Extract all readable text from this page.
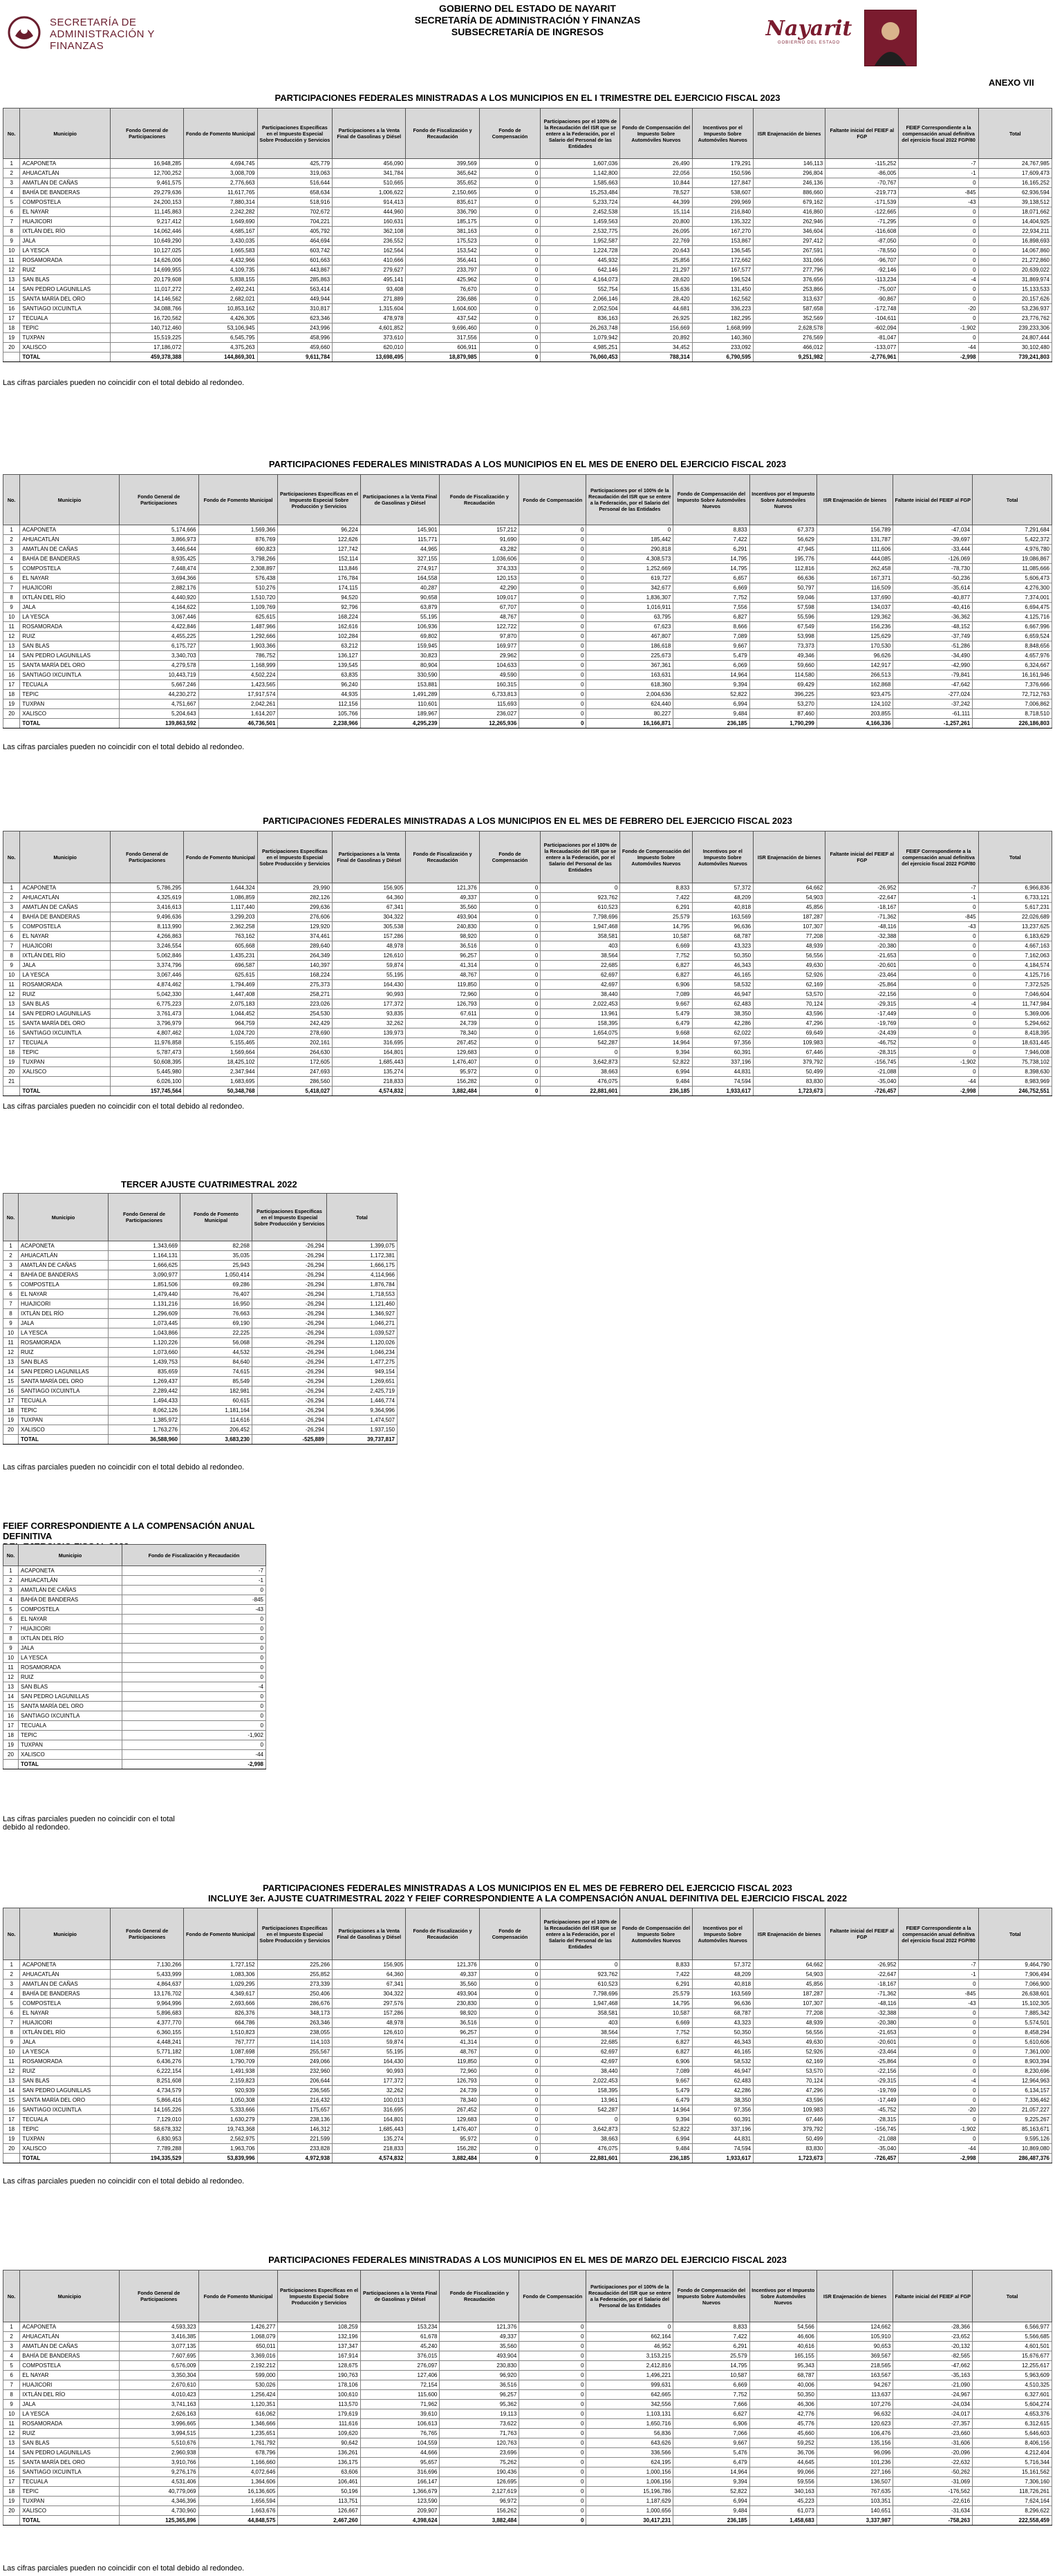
SECRETARÍA DE
ADMINISTRACIÓN Y
FINANZAS
GOBIERNO DEL ESTADO DE NAYARIT
SECRETARÍA DE ADMINISTRACIÓN Y FINANZAS
SUBSECRETARÍA DE INGRESOS	Nayarit
GOBIERNO DEL ESTADO
ANEXO VII
PARTICIPACIONES FEDERALES MINISTRADAS A LOS MUNICIPIOS EN EL I TRIMESTRE DEL EJERCICIO FISCAL 2023
No.	Municipio	Fondo General de Participaciones	Fondo de Fomento Municipal	Participaciones Específicas en el Impuesto Especial Sobre Producción y Servicios	Participaciones a la Venta Final de Gasolinas y Diésel	Fondo de Fiscalización y Recaudación	Fondo de Compensación	Participaciones por el 100% de la Recaudación del ISR que se entere a la Federación, por el Salario del Personal de las Entidades	Fondo de Compensación del Impuesto Sobre Automóviles Nuevos	Incentivos por el Impuesto Sobre Automóviles Nuevos	ISR Enajenación de bienes	Faltante inicial del FEIEF al FGP	FEIEF Correspondiente a la compensación anual definitiva del ejercicio fiscal 2022 FGP/80	Total
1	ACAPONETA	16,948,285	4,694,745	425,779	456,090	399,569	0	1,607,036	26,490	179,291	146,113	-115,252	-7	24,767,985
2	AHUACATLÁN	12,700,252	3,008,709	319,063	341,784	365,642	0	1,142,800	22,056	150,596	296,804	-86,005	-1	17,609,473
3	AMATLÁN DE CAÑAS	9,461,575	2,776,663	516,644	510,665	355,652	0	1,585,663	10,844	127,847	246,136	-70,767	0	16,165,252
4	BAHÍA DE BANDERAS	29,279,636	11,617,765	658,634	1,006,622	2,150,665	0	15,253,484	78,527	538,607	886,660	-219,773	-845	62,936,594
5	COMPOSTELA	24,200,153	7,880,314	518,916	914,413	835,617	0	5,233,724	44,399	299,969	679,162	-171,539	-43	39,138,512
6	EL NAYAR	11,145,863	2,242,282	702,672	444,960	336,790	0	2,452,538	15,114	216,840	416,860	-122,665	0	18,071,662
7	HUAJICORI	9,217,412	1,649,690	704,221	160,631	185,175	0	1,459,563	20,800	135,322	262,946	-71,295	0	14,404,925
8	IXTLÁN DEL RÍO	14,062,446	4,685,167	405,792	362,108	381,163	0	2,532,775	26,095	167,270	346,604	-116,608	0	22,934,211
9	JALA	10,649,290	3,430,035	464,694	236,552	175,523	0	1,952,587	22,769	153,867	297,412	-87,050	0	16,898,693
10	LA YESCA	10,127,025	1,665,583	603,742	162,564	153,542	0	1,224,728	20,643	136,545	267,591	-78,550	0	14,067,860
11	ROSAMORADA	14,626,006	4,432,966	601,663	410,666	356,441	0	445,932	25,856	172,662	331,066	-96,707	0	21,272,860
12	RUIZ	14,699,955	4,109,735	443,867	279,627	233,797	0	642,146	21,297	167,577	277,796	-92,146	0	20,639,022
13	SAN BLAS	20,179,608	5,838,155	285,863	495,141	425,962	0	4,164,073	28,620	196,524	376,656	-113,234	-4	31,869,974
14	SAN PEDRO LAGUNILLAS	11,017,272	2,492,241	563,414	93,408	76,670	0	552,754	15,636	131,450	253,866	-75,007	0	15,133,533
15	SANTA MARÍA DEL ORO	14,146,562	2,682,021	449,944	271,889	236,686	0	2,066,146	28,420	162,562	313,637	-90,867	0	20,157,626
16	SANTIAGO IXCUINTLA	34,088,766	10,853,162	310,817	1,315,604	1,604,600	0	2,052,504	44,681	336,223	587,658	-172,748	-20	53,236,937
17	TECUALA	16,720,562	4,426,305	623,346	478,978	437,542	0	836,163	26,925	182,295	352,569	-104,611	0	23,776,762
18	TEPIC	140,712,460	53,106,945	243,996	4,601,852	9,696,460	0	26,263,748	156,669	1,668,999	2,628,578	-602,094	-1,902	239,233,306
19	TUXPAN	15,519,225	6,545,795	458,996	373,610	317,556	0	1,079,942	20,892	140,360	276,569	-81,047	0	24,807,444
20	XALISCO	17,186,072	4,375,263	459,660	620,010	606,911	0	4,985,251	34,452	233,092	466,012	-133,077	-44	30,102,480
	TOTAL	459,378,388	144,869,301	9,611,784	13,698,495	18,879,985	0	76,060,453	788,314	6,790,595	9,251,982	-2,776,961	-2,998	739,241,803
Las cifras parciales pueden no coincidir con el total debido al redondeo.
PARTICIPACIONES FEDERALES MINISTRADAS A LOS MUNICIPIOS EN EL MES DE ENERO DEL EJERCICIO FISCAL 2023
No.	Municipio	Fondo General de Participaciones	Fondo de Fomento Municipal	Participaciones Específicas en el Impuesto Especial Sobre Producción y Servicios	Participaciones a la Venta Final de Gasolinas y Diésel	Fondo de Fiscalización y Recaudación	Fondo de Compensación	Participaciones por el 100% de la Recaudación del ISR que se entere a la Federación, por el Salario del Personal de las Entidades	Fondo de Compensación del Impuesto Sobre Automóviles Nuevos	Incentivos por el Impuesto Sobre Automóviles Nuevos	ISR Enajenación de bienes	Faltante inicial del FEIEF al FGP	Total
1	ACAPONETA	5,174,666	1,569,366	96,224	145,901	157,212	0	0	8,833	67,373	156,789	-47,034	7,291,684
2	AHUACATLÁN	3,866,973	876,769	122,626	115,771	91,690	0	185,442	7,422	56,629	131,787	-39,697	5,422,372
3	AMATLÁN DE CAÑAS	3,446,644	690,823	127,742	44,965	43,282	0	290,818	6,291	47,945	111,606	-33,444	4,976,780
4	BAHÍA DE BANDERAS	8,935,425	3,798,266	152,114	327,155	1,036,606	0	4,308,573	14,795	195,776	444,085	-126,069	19,086,867
5	COMPOSTELA	7,448,474	2,308,897	113,846	274,917	374,333	0	1,252,669	14,795	112,816	262,458	-78,730	11,085,666
6	EL NAYAR	3,694,366	576,438	176,784	164,558	120,153	0	619,727	6,657	66,636	167,371	-50,236	5,606,473
7	HUAJICORI	2,882,176	510,276	174,115	40,287	42,290	0	342,677	6,669	50,797	116,509	-35,614	4,276,300
8	IXTLÁN DEL RÍO	4,440,920	1,510,720	94,520	90,658	109,017	0	1,836,307	7,752	59,046	137,690	-40,877	7,374,001
9	JALA	4,164,622	1,109,769	92,796	63,879	67,707	0	1,016,911	7,556	57,598	134,037	-40,416	6,694,475
10	LA YESCA	3,067,446	625,615	168,224	55,195	48,767	0	63,795	6,827	55,596	129,362	-36,362	4,125,716
11	ROSAMORADA	4,422,846	1,487,966	162,616	106,936	122,722	0	67,623	8,666	67,549	156,236	-48,152	6,667,996
12	RUIZ	4,455,225	1,292,666	102,284	69,802	97,870	0	467,807	7,089	53,998	125,629	-37,749	6,659,524
13	SAN BLAS	6,175,727	1,903,366	63,212	159,945	169,977	0	186,618	9,667	73,373	170,530	-51,286	8,848,656
14	SAN PEDRO LAGUNILLAS	3,340,703	786,752	136,127	30,823	29,962	0	225,673	5,479	49,346	96,626	-34,490	4,657,976
15	SANTA MARÍA DEL ORO	4,279,578	1,168,999	139,545	80,904	104,633	0	367,361	6,069	59,660	142,917	-42,990	6,324,667
16	SANTIAGO IXCUINTLA	10,443,719	4,502,224	63,835	330,590	49,590	0	163,631	14,964	114,580	266,513	-79,841	16,161,946
17	TECUALA	5,667,246	1,423,565	96,240	153,881	160,315	0	618,360	9,394	69,429	162,868	-47,642	7,376,666
18	TEPIC	44,230,272	17,917,574	44,935	1,491,289	6,733,813	0	2,004,636	52,822	396,225	923,475	-277,024	72,712,763
19	TUXPAN	4,751,667	2,042,261	112,156	110,601	115,693	0	624,440	6,994	53,270	124,102	-37,242	7,006,862
20	XALISCO	5,204,643	1,614,207	105,766	189,967	236,027	0	80,227	9,484	87,460	203,855	-61,111	8,718,510
	TOTAL	139,863,592	46,736,501	2,238,966	4,295,239	12,265,936	0	16,166,871	236,185	1,790,299	4,166,336	-1,257,261	226,186,803
Las cifras parciales pueden no coincidir con el total debido al redondeo.
PARTICIPACIONES FEDERALES MINISTRADAS A LOS MUNICIPIOS EN EL MES DE FEBRERO DEL EJERCICIO FISCAL 2023
No.	Municipio	Fondo General de Participaciones	Fondo de Fomento Municipal	Participaciones Específicas en el Impuesto Especial Sobre Producción y Servicios	Participaciones a la Venta Final de Gasolinas y Diésel	Fondo de Fiscalización y Recaudación	Fondo de Compensación	Participaciones por el 100% de la Recaudación del ISR que se entere a la Federación, por el Salario del Personal de las Entidades	Fondo de Compensación del Impuesto Sobre Automóviles Nuevos	Incentivos por el Impuesto Sobre Automóviles Nuevos	ISR Enajenación de bienes	Faltante inicial del FEIEF al FGP	FEIEF Correspondiente a la compensación anual definitiva del ejercicio fiscal 2022 FGP/80	Total
1	ACAPONETA	5,786,295	1,644,324	29,990	156,905	121,376	0	0	8,833	57,372	64,662	-26,952	-7	6,966,836
2	AHUACATLÁN	4,325,619	1,086,859	282,126	64,360	49,337	0	923,762	7,422	48,209	54,903	-22,647	-1	6,733,121
3	AMATLÁN DE CAÑAS	3,416,613	1,117,440	299,636	67,341	35,560	0	610,523	6,291	40,818	45,856	-18,167	0	5,617,231
4	BAHÍA DE BANDERAS	9,496,636	3,299,203	276,606	304,322	493,904	0	7,798,696	25,579	163,569	187,287	-71,362	-845	22,026,689
5	COMPOSTELA	8,113,990	2,362,258	129,920	305,538	240,830	0	1,947,468	14,795	96,636	107,307	-48,116	-43	13,237,625
6	EL NAYAR	4,266,863	763,162	374,461	157,286	98,920	0	358,581	10,587	68,787	77,208	-32,388	0	6,183,629
7	HUAJICORI	3,246,554	605,668	289,640	48,978	36,516	0	403	6,669	43,323	48,939	-20,380	0	4,667,163
8	IXTLÁN DEL RÍO	5,062,846	1,435,231	264,349	126,610	96,257	0	38,564	7,752	50,350	56,556	-21,653	0	7,162,063
9	JALA	3,374,796	696,587	140,397	59,874	41,314	0	22,685	6,827	46,343	49,630	-20,601	0	4,184,574
10	LA YESCA	3,067,446	625,615	168,224	55,195	48,767	0	62,697	6,827	46,165	52,926	-23,464	0	4,125,716
11	ROSAMORADA	4,874,462	1,794,469	275,373	164,430	119,850	0	42,697	6,906	58,532	62,169	-25,864	0	7,372,525
12	RUIZ	5,042,330	1,447,408	258,271	90,993	72,960	0	38,440	7,089	46,947	53,570	-22,156	0	7,046,604
13	SAN BLAS	6,775,223	2,075,183	223,026	177,372	126,793	0	2,022,453	9,667	62,483	70,124	-29,315	-4	11,747,984
14	SAN PEDRO LAGUNILLAS	3,761,473	1,044,452	254,530	93,835	67,611	0	13,961	5,479	38,350	43,596	-17,449	0	5,369,006
15	SANTA MARÍA DEL ORO	3,796,979	964,759	242,429	32,262	24,739	0	158,395	6,479	42,286	47,296	-19,769	0	5,294,662
16	SANTIAGO IXCUINTLA	4,807,462	1,024,720	278,690	139,973	78,340	0	1,654,075	9,668	62,022	69,649	-24,439	0	8,418,395
17	TECUALA	11,976,858	5,155,465	202,161	316,695	267,452	0	542,287	14,964	97,356	109,983	-46,752	0	18,631,445
18	TEPIC	5,787,473	1,569,664	264,630	164,801	129,683	0	0	9,394	60,391	67,446	-28,315	0	7,946,008
19	TUXPAN	50,608,395	18,425,102	172,605	1,685,443	1,476,407	0	3,642,873	52,822	337,196	379,792	-156,745	-1,902	75,738,102
20	XALISCO	5,445,980	2,347,944	247,693	135,274	95,972	0	38,663	6,994	44,831	50,499	-21,088	0	8,398,630
21		6,026,100	1,683,695	286,560	218,833	156,282	0	476,075	9,484	74,594	83,830	-35,040	-44	8,983,969
	TOTAL	157,745,564	50,348,768	5,418,027	4,574,832	3,882,484	0	22,881,601	236,185	1,933,617	1,723,673	-726,457	-2,998	246,752,551
Las cifras parciales pueden no coincidir con el total debido al redondeo.
TERCER AJUSTE CUATRIMESTRAL 2022
No.	Municipio	Fondo General de Participaciones	Fondo de Fomento Municipal	Participaciones Específicas en el Impuesto Especial Sobre Producción y Servicios	Total
1	ACAPONETA	1,343,669	82,268	-26,294	1,399,075
2	AHUACATLÁN	1,164,131	35,035	-26,294	1,172,381
3	AMATLÁN DE CAÑAS	1,666,625	25,943	-26,294	1,666,175
4	BAHÍA DE BANDERAS	3,090,977	1,050,414	-26,294	4,114,966
5	COMPOSTELA	1,851,506	69,286	-26,294	1,876,784
6	EL NAYAR	1,479,440	76,407	-26,294	1,718,553
7	HUAJICORI	1,131,216	16,950	-26,294	1,121,460
8	IXTLÁN DEL RÍO	1,296,609	76,663	-26,294	1,346,927
9	JALA	1,073,445	69,190	-26,294	1,046,271
10	LA YESCA	1,043,866	22,225	-26,294	1,039,527
11	ROSAMORADA	1,120,226	56,068	-26,294	1,120,026
12	RUIZ	1,073,660	44,532	-26,294	1,046,234
13	SAN BLAS	1,439,753	84,640	-26,294	1,477,275
14	SAN PEDRO LAGUNILLAS	835,659	74,615	-26,294	949,154
15	SANTA MARÍA DEL ORO	1,269,437	85,549	-26,294	1,269,651
16	SANTIAGO IXCUINTLA	2,289,442	182,981	-26,294	2,425,719
17	TECUALA	1,494,433	60,615	-26,294	1,446,774
18	TEPIC	8,062,126	1,181,164	-26,294	9,364,996
19	TUXPAN	1,385,972	114,616	-26,294	1,474,507
20	XALISCO	1,763,276	206,452	-26,294	1,937,150
	TOTAL	36,588,960	3,683,230	-525,889	39,737,817
Las cifras parciales pueden no coincidir con el total debido al redondeo.
FEIEF CORRESPONDIENTE A LA COMPENSACIÓN ANUAL DEFINITIVA
No.	Municipio	Fondo de Fiscalización y Recaudación
1	ACAPONETA	-7
2	AHUACATLÁN	-1
3	AMATLÁN DE CAÑAS	0
4	BAHÍA DE BANDERAS	-845
5	COMPOSTELA	-43
6	EL NAYAR	0
7	HUAJICORI	0
8	IXTLÁN DEL RÍO	0
9	JALA	0
10	LA YESCA	0
11	ROSAMORADA	0
12	RUIZ	0
13	SAN BLAS	-4
14	SAN PEDRO LAGUNILLAS	0
15	SANTA MARÍA DEL ORO	0
16	SANTIAGO IXCUINTLA	0
17	TECUALA	0
18	TEPIC	-1,902
19	TUXPAN	0
20	XALISCO	-44
	TOTAL	-2,998
Las cifras parciales pueden no coincidir con el total
debido al redondeo.
PARTICIPACIONES FEDERALES MINISTRADAS A LOS MUNICIPIOS EN EL MES DE FEBRERO DEL EJERCICIO FISCAL 2023
INCLUYE 3er. AJUSTE CUATRIMESTRAL 2022 Y FEIEF CORRESPONDIENTE A LA COMPENSACIÓN ANUAL DEFINITIVA DEL EJERCICIO FISCAL 2022
No.	Municipio	Fondo General de Participaciones	Fondo de Fomento Municipal	Participaciones Específicas en el Impuesto Especial Sobre Producción y Servicios	Participaciones a la Venta Final de Gasolinas y Diésel	Fondo de Fiscalización y Recaudación	Fondo de Compensación	Participaciones por el 100% de la Recaudación del ISR que se entere a la Federación, por el Salario del Personal de las Entidades	Fondo de Compensación del Impuesto Sobre Automóviles Nuevos	Incentivos por el Impuesto Sobre Automóviles Nuevos	ISR Enajenación de bienes	Faltante inicial del FEIEF al FGP	FEIEF Correspondiente a la compensación anual definitiva del ejercicio fiscal 2022 FGP/80	Total
1	ACAPONETA	7,130,266	1,727,152	225,266	156,905	121,376	0	0	8,833	57,372	64,662	-26,952	-7	9,464,790
2	AHUACATLÁN	5,433,999	1,083,306	255,852	64,360	49,337	0	923,762	7,422	48,209	54,903	-22,647	-1	7,906,494
3	AMATLÁN DE CAÑAS	4,864,637	1,029,295	273,339	67,341	35,560	0	610,523	6,291	40,818	45,856	-18,167	0	7,066,900
4	BAHÍA DE BANDERAS	13,176,702	4,349,617	250,406	304,322	493,904	0	7,798,696	25,579	163,569	187,287	-71,362	-845	26,638,601
5	COMPOSTELA	9,964,996	2,693,666	286,676	297,576	230,830	0	1,947,468	14,795	96,636	107,307	-48,116	-43	15,102,305
6	EL NAYAR	5,896,683	826,376	348,173	157,286	98,920	0	358,581	10,587	68,787	77,208	-32,388	0	7,885,342
7	HUAJICORI	4,377,770	664,786	263,346	48,978	36,516	0	403	6,669	43,323	48,939	-20,380	0	5,574,501
8	IXTLÁN DEL RÍO	6,360,155	1,510,823	238,055	126,610	96,257	0	38,564	7,752	50,350	56,556	-21,653	0	8,458,294
9	JALA	4,448,241	767,777	114,103	59,874	41,314	0	22,685	6,827	46,343	49,630	-20,601	0	5,610,606
10	LA YESCA	5,771,182	1,087,698	255,567	55,195	48,767	0	62,697	6,827	46,165	52,926	-23,464	0	7,361,000
11	ROSAMORADA	6,436,276	1,790,709	249,066	164,430	119,850	0	42,697	6,906	58,532	62,169	-25,864	0	8,903,394
12	RUIZ	6,222,154	1,491,938	232,960	90,993	72,960	0	38,440	7,089	46,947	53,570	-22,156	0	8,230,696
13	SAN BLAS	8,251,608	2,159,823	206,644	177,372	126,793	0	2,022,453	9,667	62,483	70,124	-29,315	-4	12,964,963
14	SAN PEDRO LAGUNILLAS	4,734,579	920,939	236,565	32,262	24,739	0	158,395	5,479	42,286	47,296	-19,769	0	6,134,157
15	SANTA MARÍA DEL ORO	5,866,416	1,050,308	216,432	100,013	78,340	0	13,961	6,479	38,350	43,596	-17,449	0	7,336,462
16	SANTIAGO IXCUINTLA	14,165,226	5,333,666	175,657	316,695	267,452	0	542,287	14,964	97,356	109,983	-45,752	-20	21,057,227
17	TECUALA	7,129,010	1,630,279	238,136	164,801	129,683	0	0	9,394	60,391	67,446	-28,315	0	9,225,267
18	TEPIC	58,678,332	19,743,368	146,312	1,685,443	1,476,407	0	3,642,873	52,822	337,196	379,792	-156,745	-1,902	85,163,671
19	TUXPAN	6,830,953	2,562,975	221,599	135,274	95,972	0	38,663	6,994	44,831	50,499	-21,088	0	9,595,126
20	XALISCO	7,789,288	1,963,706	233,828	218,833	156,282	0	476,075	9,484	74,594	83,830	-35,040	-44	10,869,080
	TOTAL	194,335,529	53,839,996	4,972,938	4,574,832	3,882,484	0	22,881,601	236,185	1,933,617	1,723,673	-726,457	-2,998	286,487,376
Las cifras parciales pueden no coincidir con el total debido al redondeo.
PARTICIPACIONES FEDERALES MINISTRADAS A LOS MUNICIPIOS EN EL MES DE MARZO DEL EJERCICIO FISCAL 2023
No.	Municipio	Fondo General de Participaciones	Fondo de Fomento Municipal	Participaciones Específicas en el Impuesto Especial Sobre Producción y Servicios	Participaciones a la Venta Final de Gasolinas y Diésel	Fondo de Fiscalización y Recaudación	Fondo de Compensación	Participaciones por el 100% de la Recaudación del ISR que se entere a la Federación, por el Salario del Personal de las Entidades	Fondo de Compensación del Impuesto Sobre Automóviles Nuevos	Incentivos por el Impuesto Sobre Automóviles Nuevos	ISR Enajenación de bienes	Faltante inicial del FEIEF al FGP	Total
1	ACAPONETA	4,593,323	1,426,277	108,259	153,234	121,376	0	0	8,833	54,566	124,662	-28,366	6,566,977
2	AHUACATLÁN	3,416,385	1,068,079	132,196	61,678	49,337	0	662,164	7,422	46,606	105,910	-23,652	5,566,685
3	AMATLÁN DE CAÑAS	3,077,135	650,011	137,347	45,240	35,560	0	46,952	6,291	40,616	90,653	-20,132	4,601,501
4	BAHÍA DE BANDERAS	7,607,695	3,369,016	167,914	376,015	493,904	0	3,153,215	25,579	165,155	369,567	-82,565	15,676,677
5	COMPOSTELA	6,576,009	2,192,212	128,675	276,097	230,830	0	2,412,816	14,795	95,343	218,565	-47,662	12,255,617
6	EL NAYAR	3,350,304	599,000	190,763	127,406	96,920	0	1,496,221	10,587	68,787	163,567	-35,163	5,963,609
7	HUAJICORI	2,670,610	530,026	178,106	72,154	36,516	0	999,631	6,669	40,006	94,267	-21,090	4,510,325
8	IXTLÁN DEL RÍO	4,010,423	1,256,424	100,610	115,600	96,257	0	642,665	7,752	50,350	113,637	-24,967	6,327,601
9	JALA	3,741,163	1,120,351	113,570	71,962	95,362	0	342,556	7,666	46,306	107,276	-24,034	5,604,274
10	LA YESCA	2,626,163	616,062	179,619	39,610	19,113	0	1,103,131	6,627	42,776	96,632	-24,017	4,653,376
11	ROSAMORADA	3,996,665	1,346,666	111,616	106,613	73,622	0	1,650,716	6,906	45,776	120,623	-27,357	6,312,615
12	RUIZ	3,994,515	1,235,651	109,620	76,765	71,763	0	56,836	7,066	45,660	106,476	-23,660	5,646,603
13	SAN BLAS	5,510,676	1,761,792	90,642	104,559	120,763	0	643,626	9,667	59,252	135,156	-31,606	8,406,156
14	SAN PEDRO LAGUNILLAS	2,960,938	678,796	136,261	44,666	23,696	0	336,566	5,476	36,706	96,096	-20,096	4,212,404
15	SANTA MARÍA DEL ORO	3,910,766	1,166,660	136,175	95,657	75,262	0	624,195	6,479	44,645	101,236	-22,632	5,716,344
16	SANTIAGO IXCUINTLA	9,276,176	4,072,646	63,606	316,696	190,436	0	1,000,156	14,964	99,066	227,166	-50,262	15,161,562
17	TECUALA	4,531,406	1,364,606	106,461	166,147	126,695	0	1,006,156	9,394	59,556	136,507	-31,069	7,306,160
18	TEPIC	40,779,069	16,136,605	50,196	1,366,679	2,127,619	0	15,196,786	52,822	340,163	767,635	-176,562	118,726,261
19	TUXPAN	4,346,396	1,656,594	113,751	123,590	96,972	0	1,187,629	6,994	45,223	103,351	-22,616	7,624,164
20	XALISCO	4,730,960	1,663,676	126,667	209,907	156,262	0	1,000,656	9,484	61,073	140,651	-31,634	8,296,622
	TOTAL	125,365,896	44,848,575	2,467,260	4,398,624	3,882,484	0	30,417,231	236,185	1,458,683	3,337,987	-758,263	222,558,459
Las cifras parciales pueden no coincidir con el total debido al redondeo.
